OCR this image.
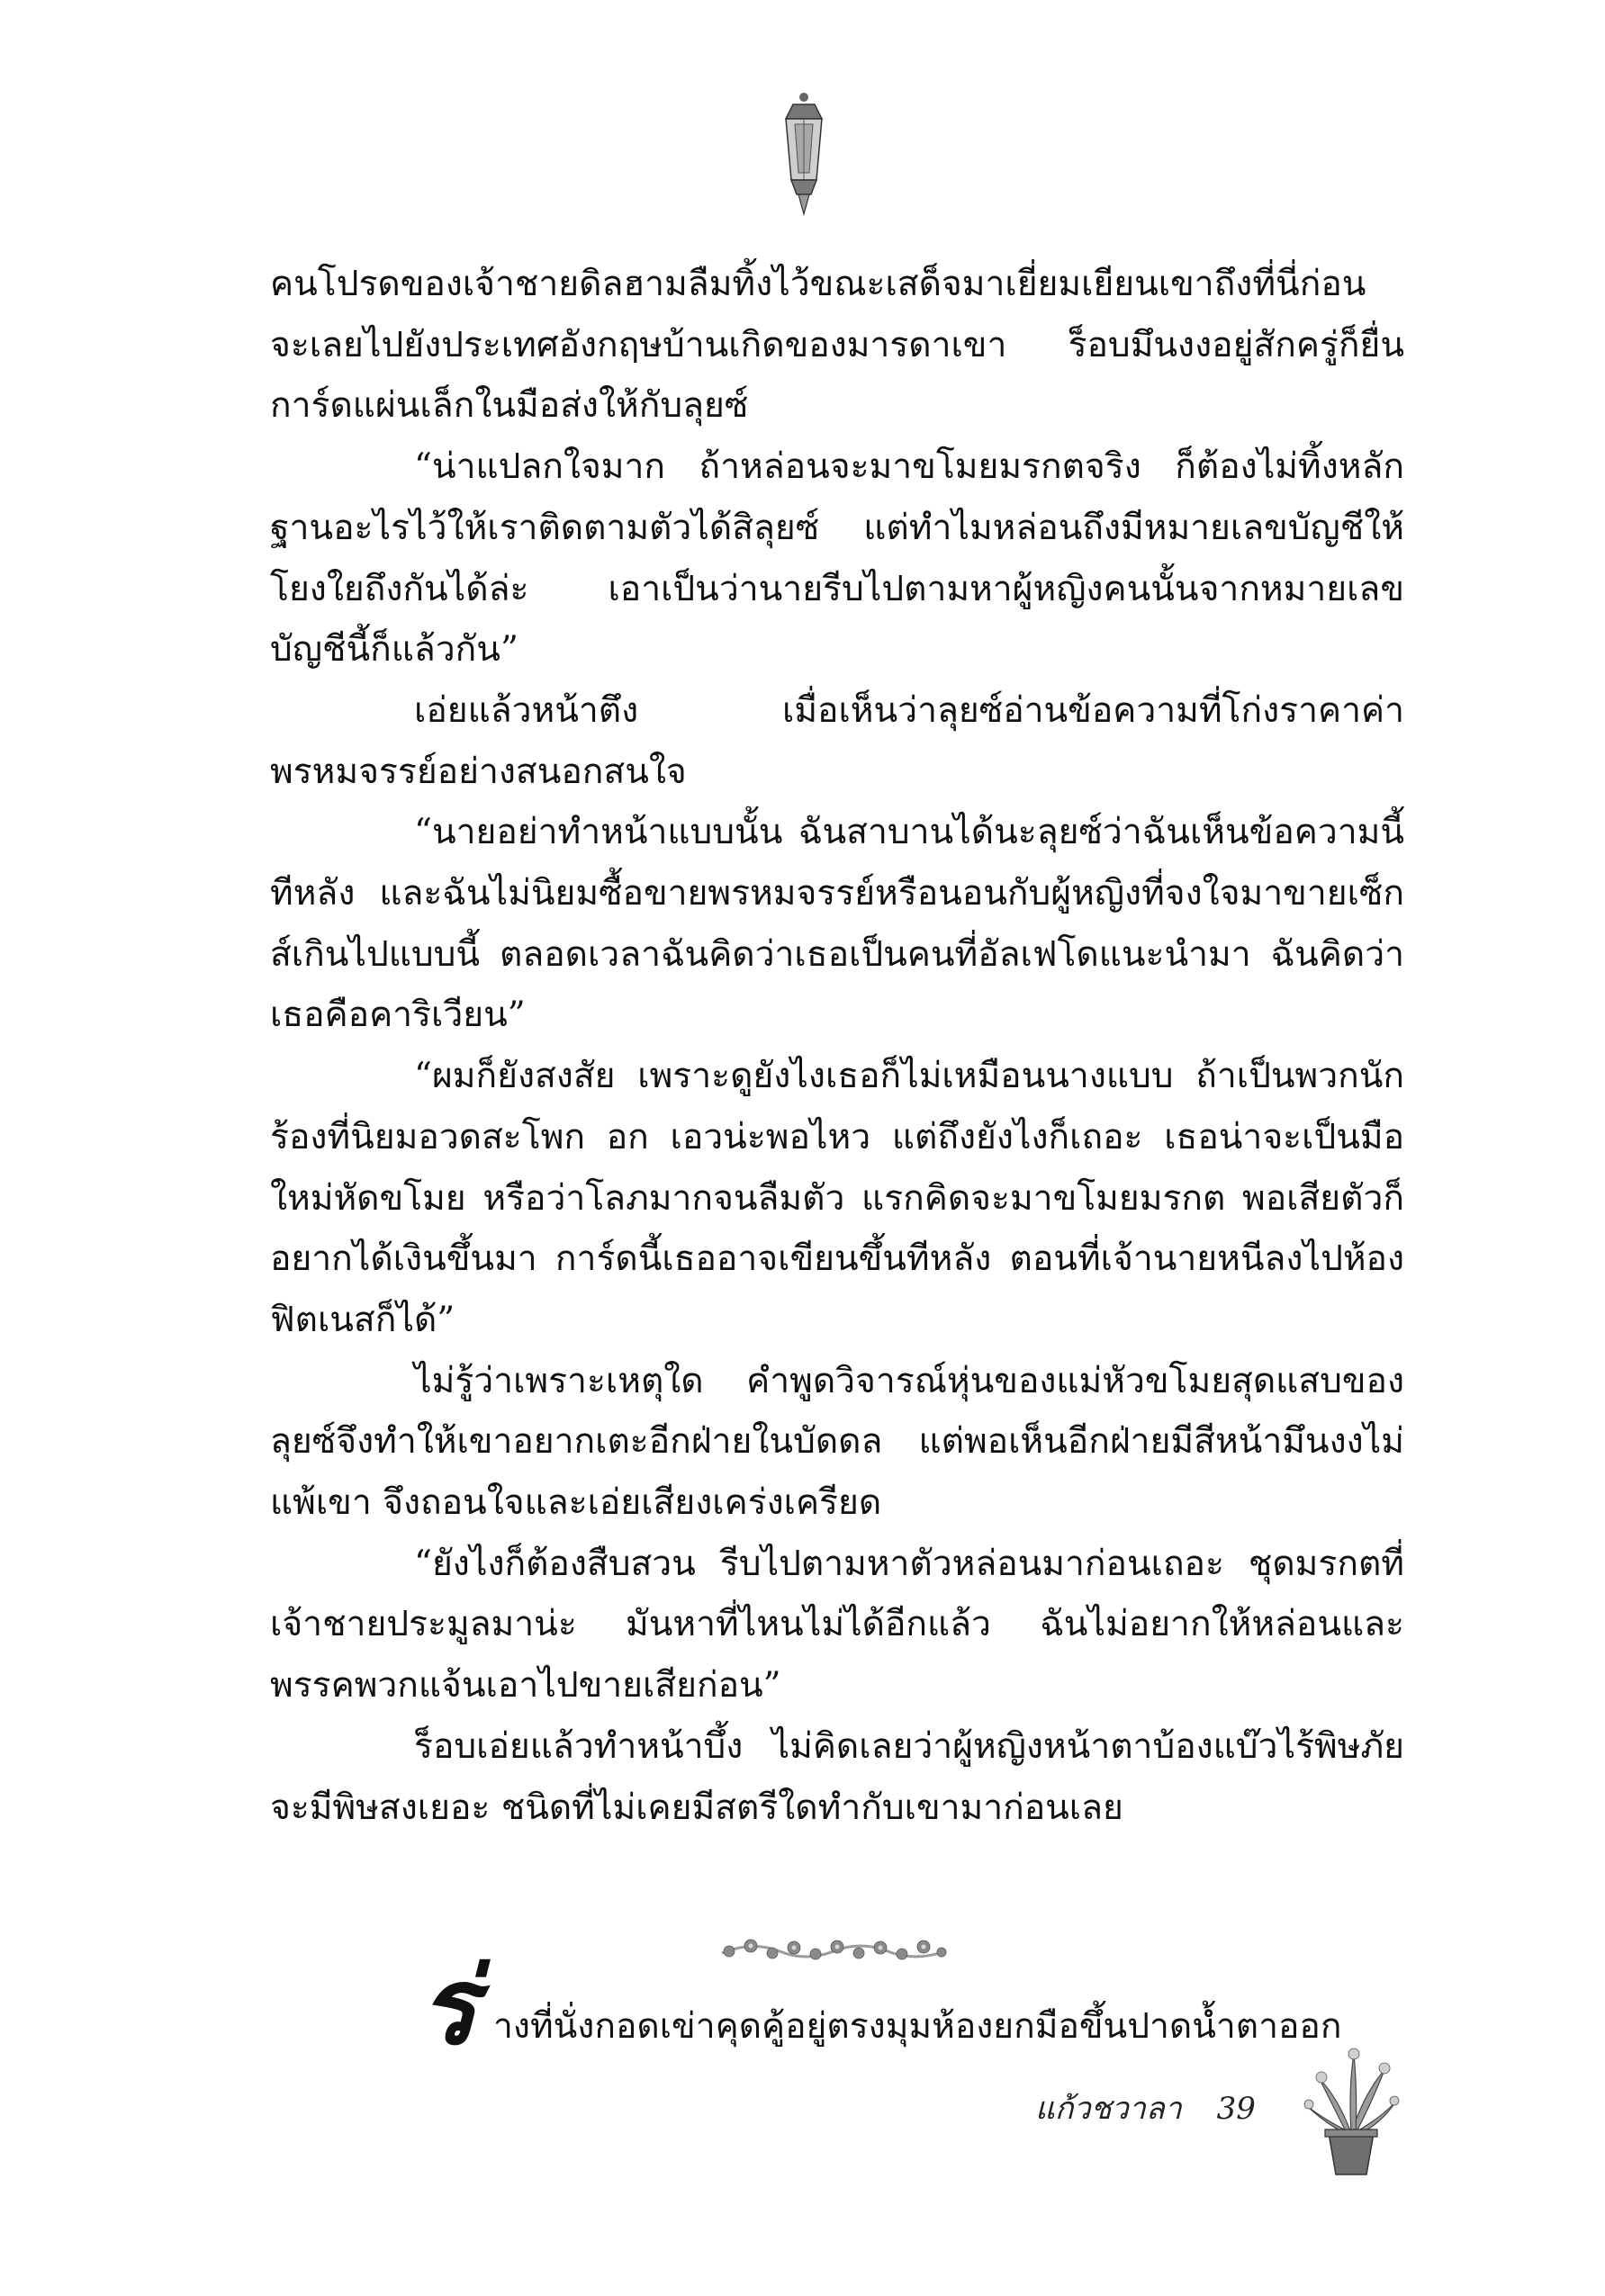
คนโปรดของเจ้าชายดิลฮามลืมทิ้งไว้ขณะเสด็จมาเยี่ยมเยียนเขาถึงที่นี่ก่อนจะเลยไปยังประเทศอังกฤษบ้านเกิดของมารดาเขา ร็อบมึนงงอยู่สักครู่ก็ยื่นการ์ดแผ่นเล็กในมือส่งให้กับลุยซ์

“น่าแปลกใจมาก ถ้าหล่อนจะมาขโมยมรกตจริง ก็ต้องไม่ทิ้งหลักฐานอะไรไว้ให้เราติดตามตัวได้สิลุยซ์ แต่ทำไมหล่อนถึงมีหมายเลขบัญชีให้โยงใยถึงกันได้ล่ะ เอาเป็นว่านายรีบไปตามหาผู้หญิงคนนั้นจากหมายเลขบัญชีนี้ก็แล้วกัน”

เอ่ยแล้วหน้าตึง เมื่อเห็นว่าลุยซ์อ่านข้อความที่โก่งราคาค่าพรหมจรรย์อย่างสนอกสนใจ

“นายอย่าทำหน้าแบบนั้น ฉันสาบานได้นะลุยซ์ว่าฉันเห็นข้อความนี้ทีหลัง และฉันไม่นิยมซื้อขายพรหมจรรย์หรือนอนกับผู้หญิงที่จงใจมาขายเซ็กส์เกินไปแบบนี้ ตลอดเวลาฉันคิดว่าเธอเป็นคนที่อัลเฟโดแนะนำมา ฉันคิดว่าเธอคือคาริเวียน”

“ผมก็ยังสงสัย เพราะดูยังไงเธอก็ไม่เหมือนนางแบบ ถ้าเป็นพวกนักร้องที่นิยมอวดสะโพก อก เอวน่ะพอไหว แต่ถึงยังไงก็เถอะ เธอน่าจะเป็นมือใหม่หัดขโมย หรือว่าโลภมากจนลืมตัว แรกคิดจะมาขโมยมรกต พอเสียตัวก็อยากได้เงินขึ้นมา การ์ดนี้เธออาจเขียนขึ้นทีหลัง ตอนที่เจ้านายหนีลงไปห้องฟิตเนสก็ได้”

ไม่รู้ว่าเพราะเหตุใด คำพูดวิจารณ์หุ่นของแม่หัวขโมยสุดแสบของลุยซ์จึงทำให้เขาอยากเตะอีกฝ่ายในบัดดล แต่พอเห็นอีกฝ่ายมีสีหน้ามึนงงไม่แพ้เขา จึงถอนใจและเอ่ยเสียงเคร่งเครียด

“ยังไงก็ต้องสืบสวน รีบไปตามหาตัวหล่อนมาก่อนเถอะ ชุดมรกตที่เจ้าชายประมูลมาน่ะ มันหาที่ไหนไม่ได้อีกแล้ว ฉันไม่อยากให้หล่อนและพรรคพวกแจ้นเอาไปขายเสียก่อน”

ร็อบเอ่ยแล้วทำหน้าบึ้ง ไม่คิดเลยว่าผู้หญิงหน้าตาบ้องแบ๊วไร้พิษภัยจะมีพิษสงเยอะ ชนิดที่ไม่เคยมีสตรีใดทำกับเขามาก่อนเลย

ร่ างที่นั่งกอดเข่าคุดคู้อยู่ตรงมุมห้องยกมือขึ้นปาดน้ำตาออก
แก้วชวาลา 39
